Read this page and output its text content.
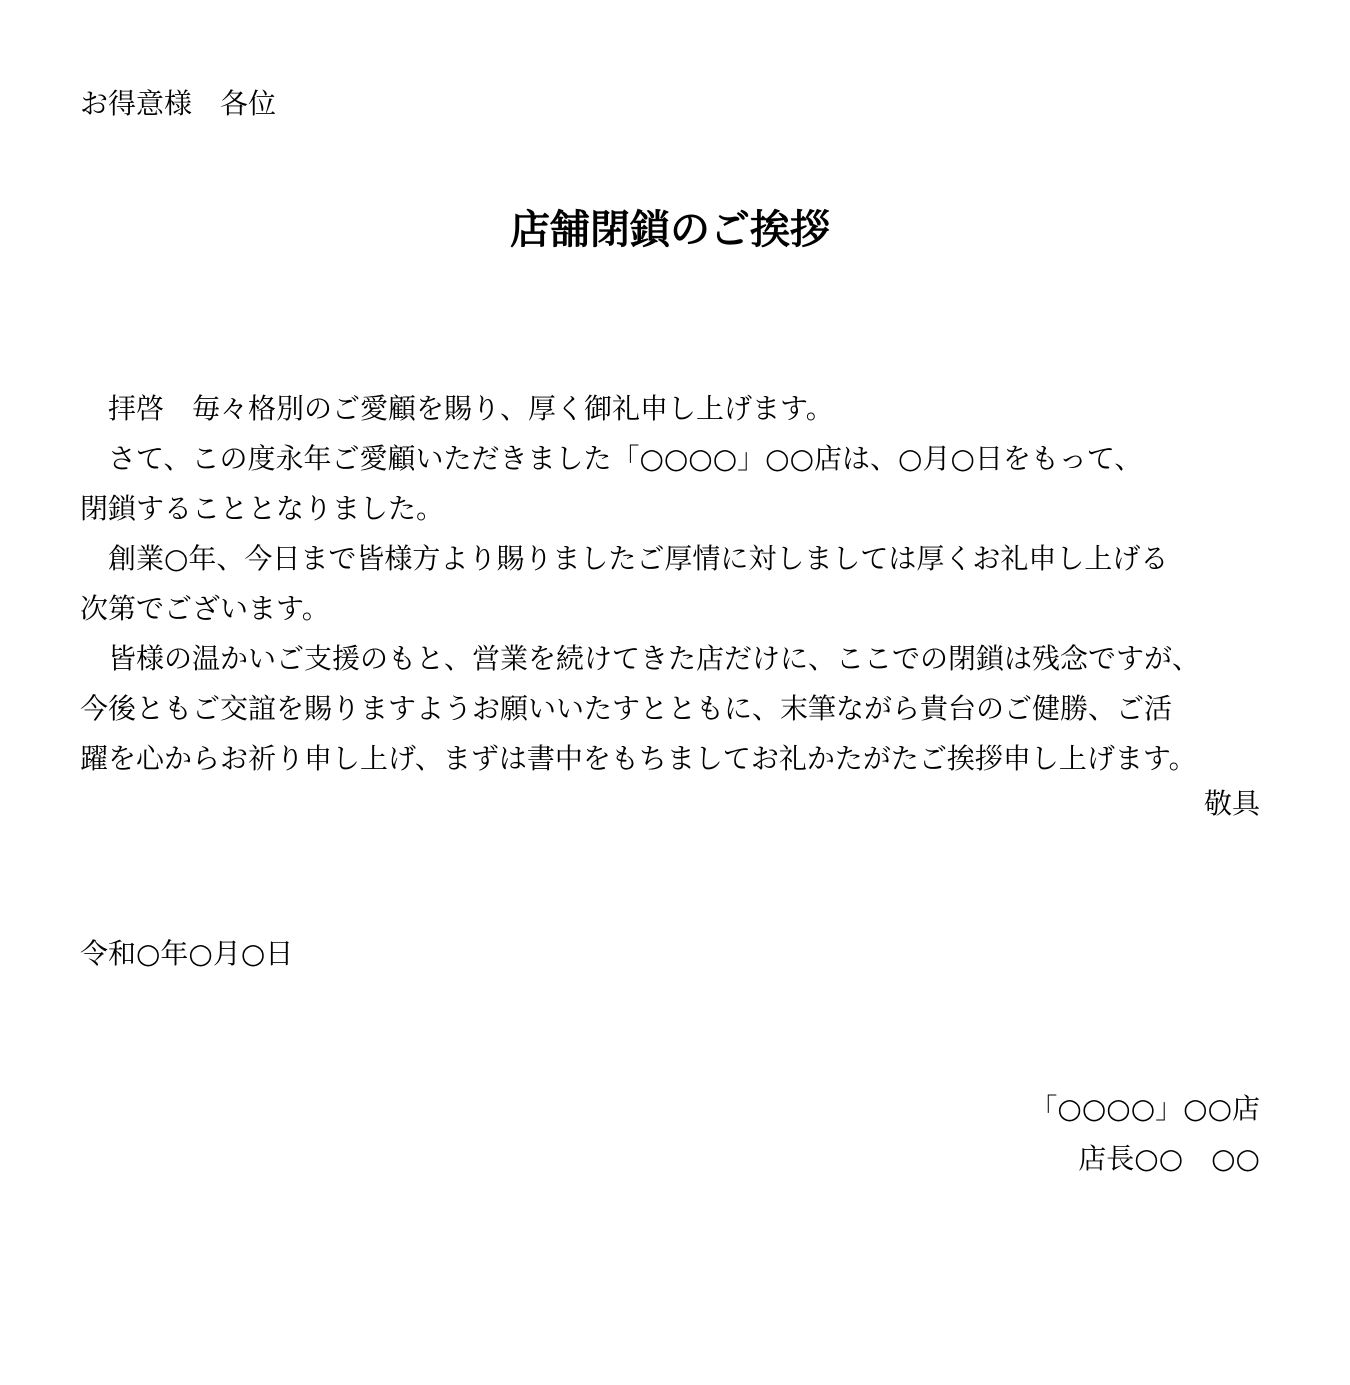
お得意様　各位
店舗閉鎖のご挨拶
　拝啓　毎々格別のご愛顧を賜り、厚く御礼申し上げます。
　さて、この度永年ご愛顧いただきました「○○○○」○○店は、○月○日をもって、
閉鎖することとなりました。
　創業○年、今日まで皆様方より賜りましたご厚情に対しましては厚くお礼申し上げる
次第でございます。
　皆様の温かいご支援のもと、営業を続けてきた店だけに、ここでの閉鎖は残念ですが、
今後ともご交誼を賜りますようお願いいたすとともに、末筆ながら貴台のご健勝、ご活
躍を心からお祈り申し上げ、まずは書中をもちましてお礼かたがたご挨拶申し上げます。
敬具
令和○年○月○日
「○○○○」○○店
店長○○　○○
